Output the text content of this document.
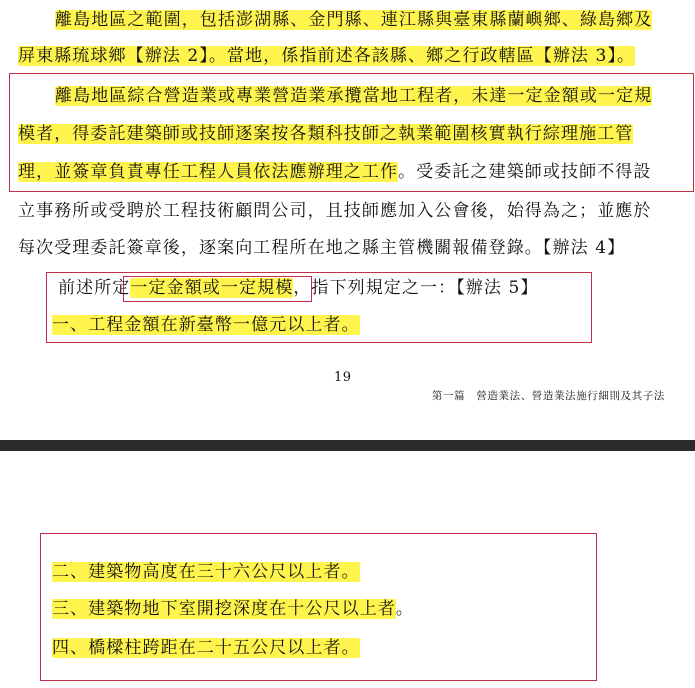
離島地區之範圍，包括澎湖縣、金門縣、連江縣與臺東縣蘭嶼鄉、綠島鄉及
屏東縣琉球鄉【辦法 2】。當地，係指前述各該縣、鄉之行政轄區【辦法 3】。
離島地區綜合營造業或專業營造業承攬當地工程者，未達一定金額或一定規
模者，得委託建築師或技師逐案按各類科技師之執業範圍核實執行綜理施工管
理，並簽章負責專任工程人員依法應辦理之工作。受委託之建築師或技師不得設
立事務所或受聘於工程技術顧問公司，且技師應加入公會後，始得為之；並應於
每次受理委託簽章後，逐案向工程所在地之縣主管機關報備登錄。【辦法 4】
前述所定一定金額或一定規模，指下列規定之一：【辦法 5】
一、工程金額在新臺幣一億元以上者。
19
第一篇　營造業法、營造業法施行細則及其子法
二、建築物高度在三十六公尺以上者。
三、建築物地下室開挖深度在十公尺以上者。
四、橋樑柱跨距在二十五公尺以上者。
